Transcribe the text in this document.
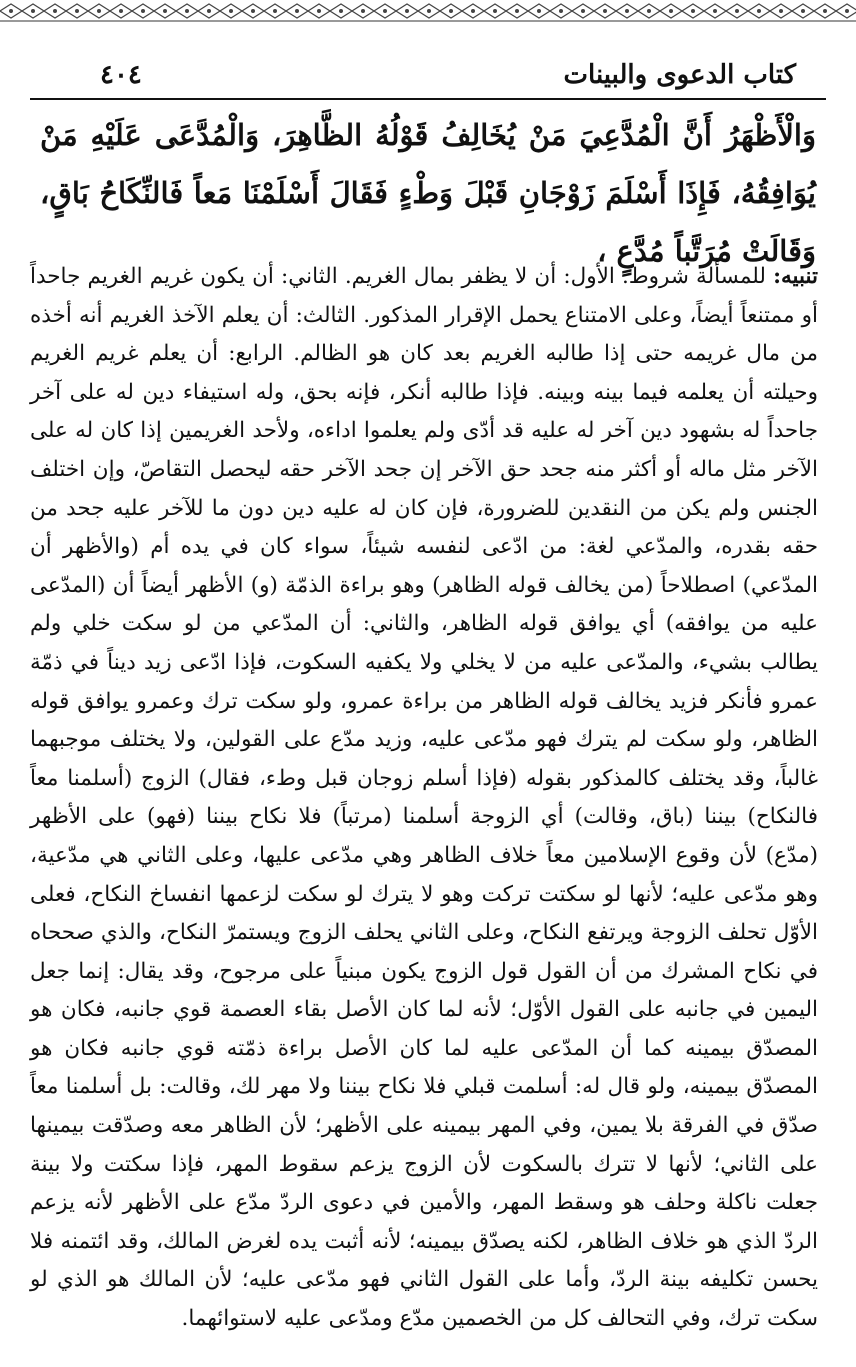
كتاب الدعوى والبينات
٤٠٤
وَالْأَظْهَرُ أَنَّ الْمُدَّعِيَ مَنْ يُخَالِفُ قَوْلُهُ الظَّاهِرَ، وَالْمُدَّعَى عَلَيْهِ مَنْ يُوَافِقُهُ، فَإِذَا أَسْلَمَ زَوْجَانِ قَبْلَ وَطْءٍ فَقَالَ أَسْلَمْنَا مَعاً فَالنِّكَاحُ بَاقٍ، وَقَالَتْ مُرَتَّباً مُدَّعٍ ،
تنبيه: للمسألة شروط. الأول: أن لا يظفر بمال الغريم. الثاني: أن يكون غريم الغريم جاحداً أو ممتنعاً أيضاً، وعلى الامتناع يحمل الإقرار المذكور. الثالث: أن يعلم الآخذ الغريم أنه أخذه من مال غريمه حتى إذا طالبه الغريم بعد كان هو الظالم. الرابع: أن يعلم غريم الغريم وحيلته أن يعلمه فيما بينه وبينه. فإذا طالبه أنكر، فإنه بحق، وله استيفاء دين له على آخر جاحداً له بشهود دين آخر له عليه قد أدّى ولم يعلموا اداءه، ولأحد الغريمين إذا كان له على الآخر مثل ماله أو أكثر منه جحد حق الآخر إن جحد الآخر حقه ليحصل التقاصّ، وإن اختلف الجنس ولم يكن من النقدين للضرورة، فإن كان له عليه دين دون ما للآخر عليه جحد من حقه بقدره، والمدّعي لغة: من ادّعى لنفسه شيئاً، سواء كان في يده أم (والأظهر أن المدّعي) اصطلاحاً (من يخالف قوله الظاهر) وهو براءة الذمّة (و) الأظهر أيضاً أن (المدّعى عليه من يوافقه) أي يوافق قوله الظاهر، والثاني: أن المدّعي من لو سكت خلي ولم يطالب بشيء، والمدّعى عليه من لا يخلي ولا يكفيه السكوت، فإذا ادّعى زيد ديناً في ذمّة عمرو فأنكر فزيد يخالف قوله الظاهر من براءة عمرو، ولو سكت ترك وعمرو يوافق قوله الظاهر، ولو سكت لم يترك فهو مدّعى عليه، وزيد مدّع على القولين، ولا يختلف موجبهما غالباً، وقد يختلف كالمذكور بقوله (فإذا أسلم زوجان قبل وطء، فقال) الزوج (أسلمنا معاً فالنكاح) بيننا (باق، وقالت) أي الزوجة أسلمنا (مرتباً) فلا نكاح بيننا (فهو) على الأظهر (مدّع) لأن وقوع الإسلامين معاً خلاف الظاهر وهي مدّعى عليها، وعلى الثاني هي مدّعية، وهو مدّعى عليه؛ لأنها لو سكتت تركت وهو لا يترك لو سكت لزعمها انفساخ النكاح، فعلى الأوّل تحلف الزوجة ويرتفع النكاح، وعلى الثاني يحلف الزوج ويستمرّ النكاح، والذي صححاه في نكاح المشرك من أن القول قول الزوج يكون مبنياً على مرجوح، وقد يقال: إنما جعل اليمين في جانبه على القول الأوّل؛ لأنه لما كان الأصل بقاء العصمة قوي جانبه، فكان هو المصدّق بيمينه كما أن المدّعى عليه لما كان الأصل براءة ذمّته قوي جانبه فكان هو المصدّق بيمينه، ولو قال له: أسلمت قبلي فلا نكاح بيننا ولا مهر لك، وقالت: بل أسلمنا معاً صدّق في الفرقة بلا يمين، وفي المهر بيمينه على الأظهر؛ لأن الظاهر معه وصدّقت بيمينها على الثاني؛ لأنها لا تترك بالسكوت لأن الزوج يزعم سقوط المهر، فإذا سكتت ولا بينة جعلت ناكلة وحلف هو وسقط المهر، والأمين في دعوى الردّ مدّع على الأظهر لأنه يزعم الردّ الذي هو خلاف الظاهر، لكنه يصدّق بيمينه؛ لأنه أثبت يده لغرض المالك، وقد ائتمنه فلا يحسن تكليفه بينة الردّ، وأما على القول الثاني فهو مدّعى عليه؛ لأن المالك هو الذي لو سكت ترك، وفي التحالف كل من الخصمين مدّع ومدّعى عليه لاستوائهما.
